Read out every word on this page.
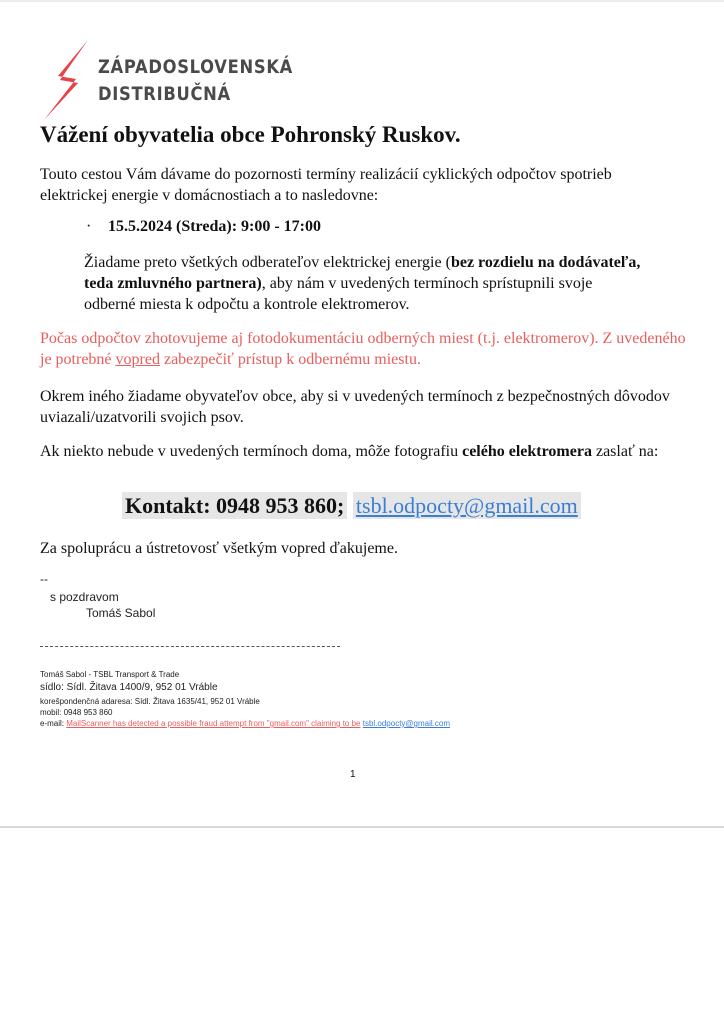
ZÁPADOSLOVENSKÁ
DISTRIBUČNÁ
Vážení obyvatelia obce Pohronský Ruskov.

Touto cestou Vám dávame do pozornosti termíny realizácií cyklických odpočtov spotrieb elektrickej energie v domácnostiach a to nasledovne:

· 15.5.2024 (Streda): 9:00 - 17:00

Žiadame preto všetkých odberateľov elektrickej energie (bez rozdielu na dodávateľa, teda zmluvného partnera), aby nám v uvedených termínoch sprístupnili svoje odberné miesta k odpočtu a kontrole elektromerov.

Počas odpočtov zhotovujeme aj fotodokumentáciu odberných miest (t.j. elektromerov). Z uvedeného je potrebné vopred zabezpečiť prístup k odbernému miestu.

Okrem iného žiadame obyvateľov obce, aby si v uvedených termínoch z bezpečnostných dôvodov uviazali/uzatvorili svojich psov.

Ak niekto nebude v uvedených termínoch doma, môže fotografiu celého elektromera zaslať na:

Kontakt: 0948 953 860; tsbl.odpocty@gmail.com

Za spoluprácu a ústretovosť všetkým vopred ďakujeme.

--
s pozdravom
Tomáš Sabol
Tomáš Sabol - TSBL Transport & Trade
sídlo: Sídl. Žitava 1400/9, 952 01 Vráble
korešpondenčná adaresa: Sídl. Žitava 1635/41, 952 01 Vráble
mobil: 0948 953 860
e-mail: MailScanner has detected a possible fraud attempt from "gmail.com" claiming to be tsbl.odpocty@gmail.com
1
